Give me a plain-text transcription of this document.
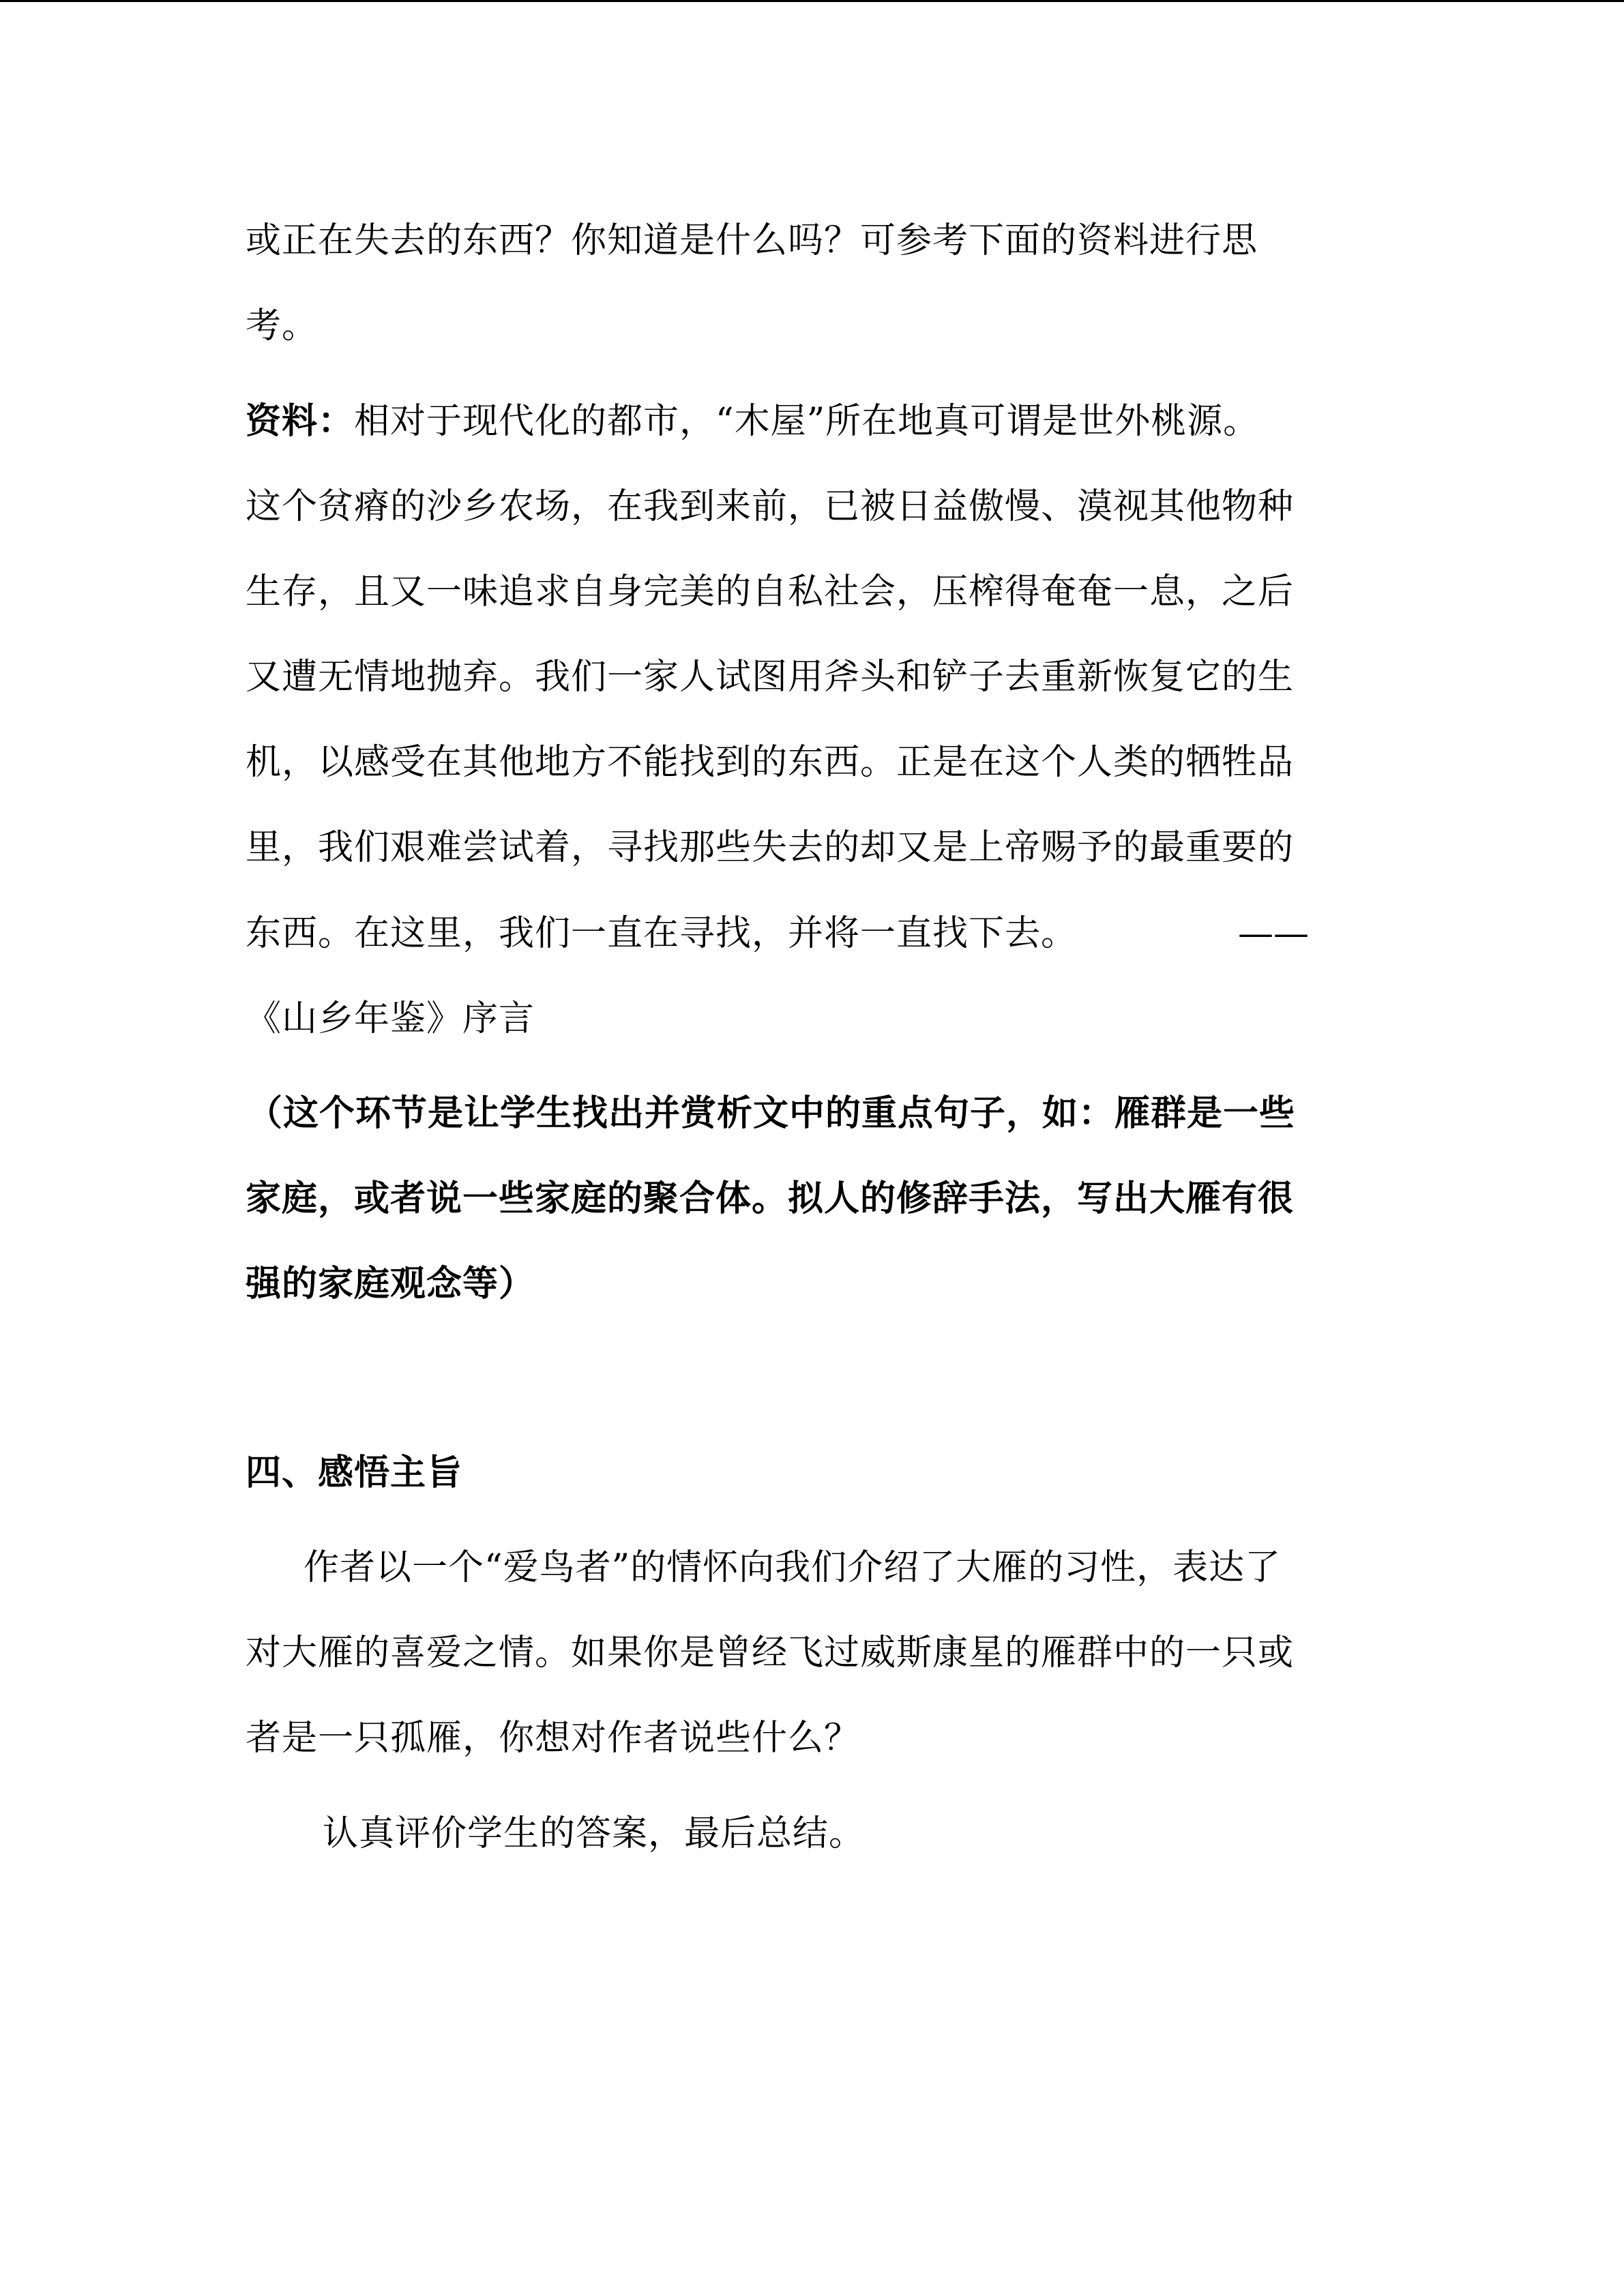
或正在失去的东西？你知道是什么吗？可参考下面的资料进行思
考。
资料：相对于现代化的都市，“木屋”所在地真可谓是世外桃源。
这个贫瘠的沙乡农场，在我到来前，已被日益傲慢、漠视其他物种
生存，且又一味追求自身完美的自私社会，压榨得奄奄一息，之后
又遭无情地抛弃。我们一家人试图用斧头和铲子去重新恢复它的生
机，以感受在其他地方不能找到的东西。正是在这个人类的牺牲品
里，我们艰难尝试着，寻找那些失去的却又是上帝赐予的最重要的
东西。在这里，我们一直在寻找，并将一直找下去。	——
《山乡年鉴》序言
（这个环节是让学生找出并赏析文中的重点句子，如：雁群是一些
家庭，或者说一些家庭的聚合体。拟人的修辞手法，写出大雁有很
强的家庭观念等）
四、感悟主旨
作者以一个“爱鸟者”的情怀向我们介绍了大雁的习性，表达了
对大雁的喜爱之情。如果你是曾经飞过威斯康星的雁群中的一只或
者是一只孤雁，你想对作者说些什么？
认真评价学生的答案，最后总结。
